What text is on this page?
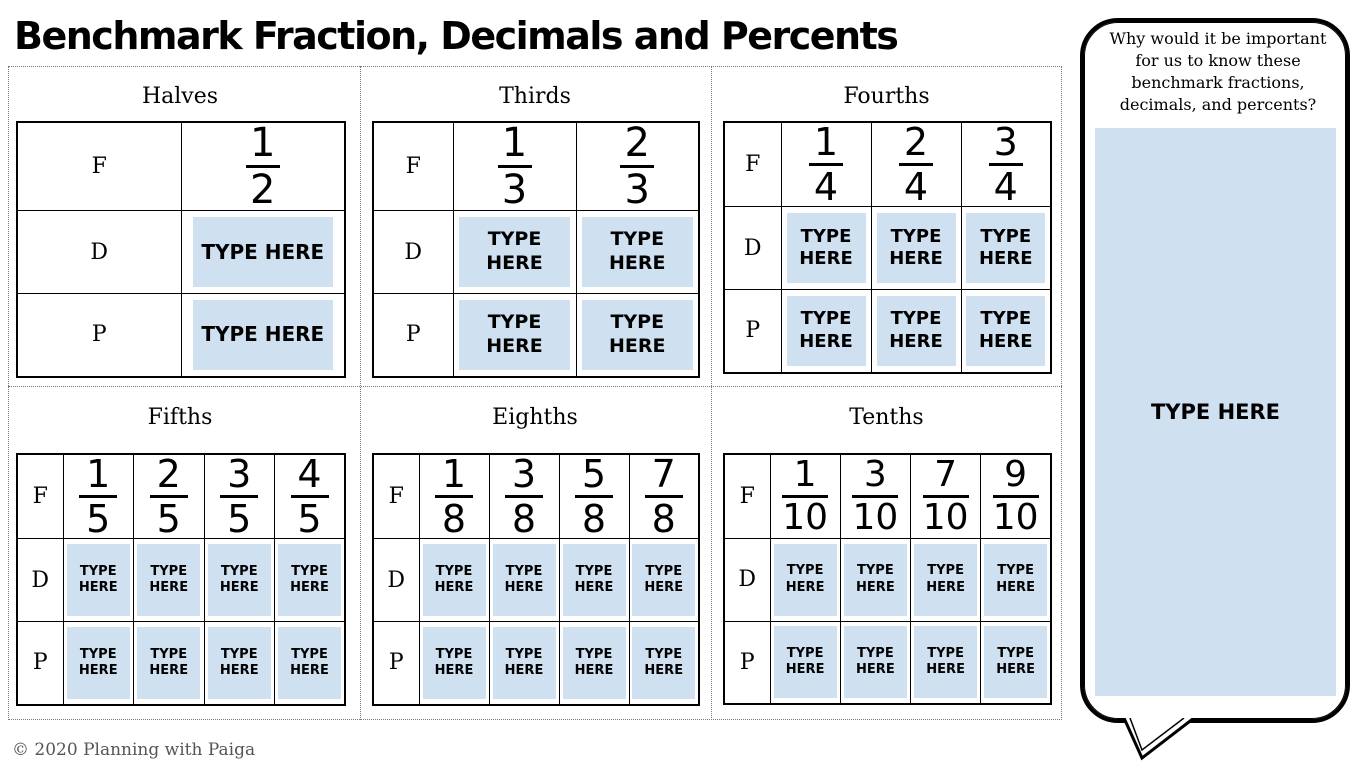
Benchmark Fraction, Decimals and Percents
Halves
F	$\frac{1}{2}$

D	TYPE HERE

P	TYPE HERE
Thirds
F	$\frac{1}{3}$	$\frac{2}{3}$

D	TYPE
HERE	TYPE
HERE

P	TYPE
HERE	TYPE
HERE
Fourths
F	$\frac{1}{4}$	$\frac{2}{4}$	$\frac{3}{4}$

D	TYPE
HERE	TYPE
HERE	TYPE
HERE

P	TYPE
HERE	TYPE
HERE	TYPE
HERE
Fifths
F	$\frac{1}{5}$	$\frac{2}{5}$	$\frac{3}{5}$	$\frac{4}{5}$

D	TYPE
HERE	TYPE
HERE	TYPE
HERE	TYPE
HERE

P	TYPE
HERE	TYPE
HERE	TYPE
HERE	TYPE
HERE
Eighths
F	$\frac{1}{8}$	$\frac{3}{8}$	$\frac{5}{8}$	$\frac{7}{8}$

D	TYPE
HERE	TYPE
HERE	TYPE
HERE	TYPE
HERE

P	TYPE
HERE	TYPE
HERE	TYPE
HERE	TYPE
HERE
Tenths
F	$\frac{1}{10}$	$\frac{3}{10}$	$\frac{7}{10}$	$\frac{9}{10}$

D	TYPE
HERE	TYPE
HERE	TYPE
HERE	TYPE
HERE

P	TYPE
HERE	TYPE
HERE	TYPE
HERE	TYPE
HERE
Why would it be important for us to know these benchmark fractions, decimals, and percents?
TYPE HERE
© 2020 Planning with Paiga
